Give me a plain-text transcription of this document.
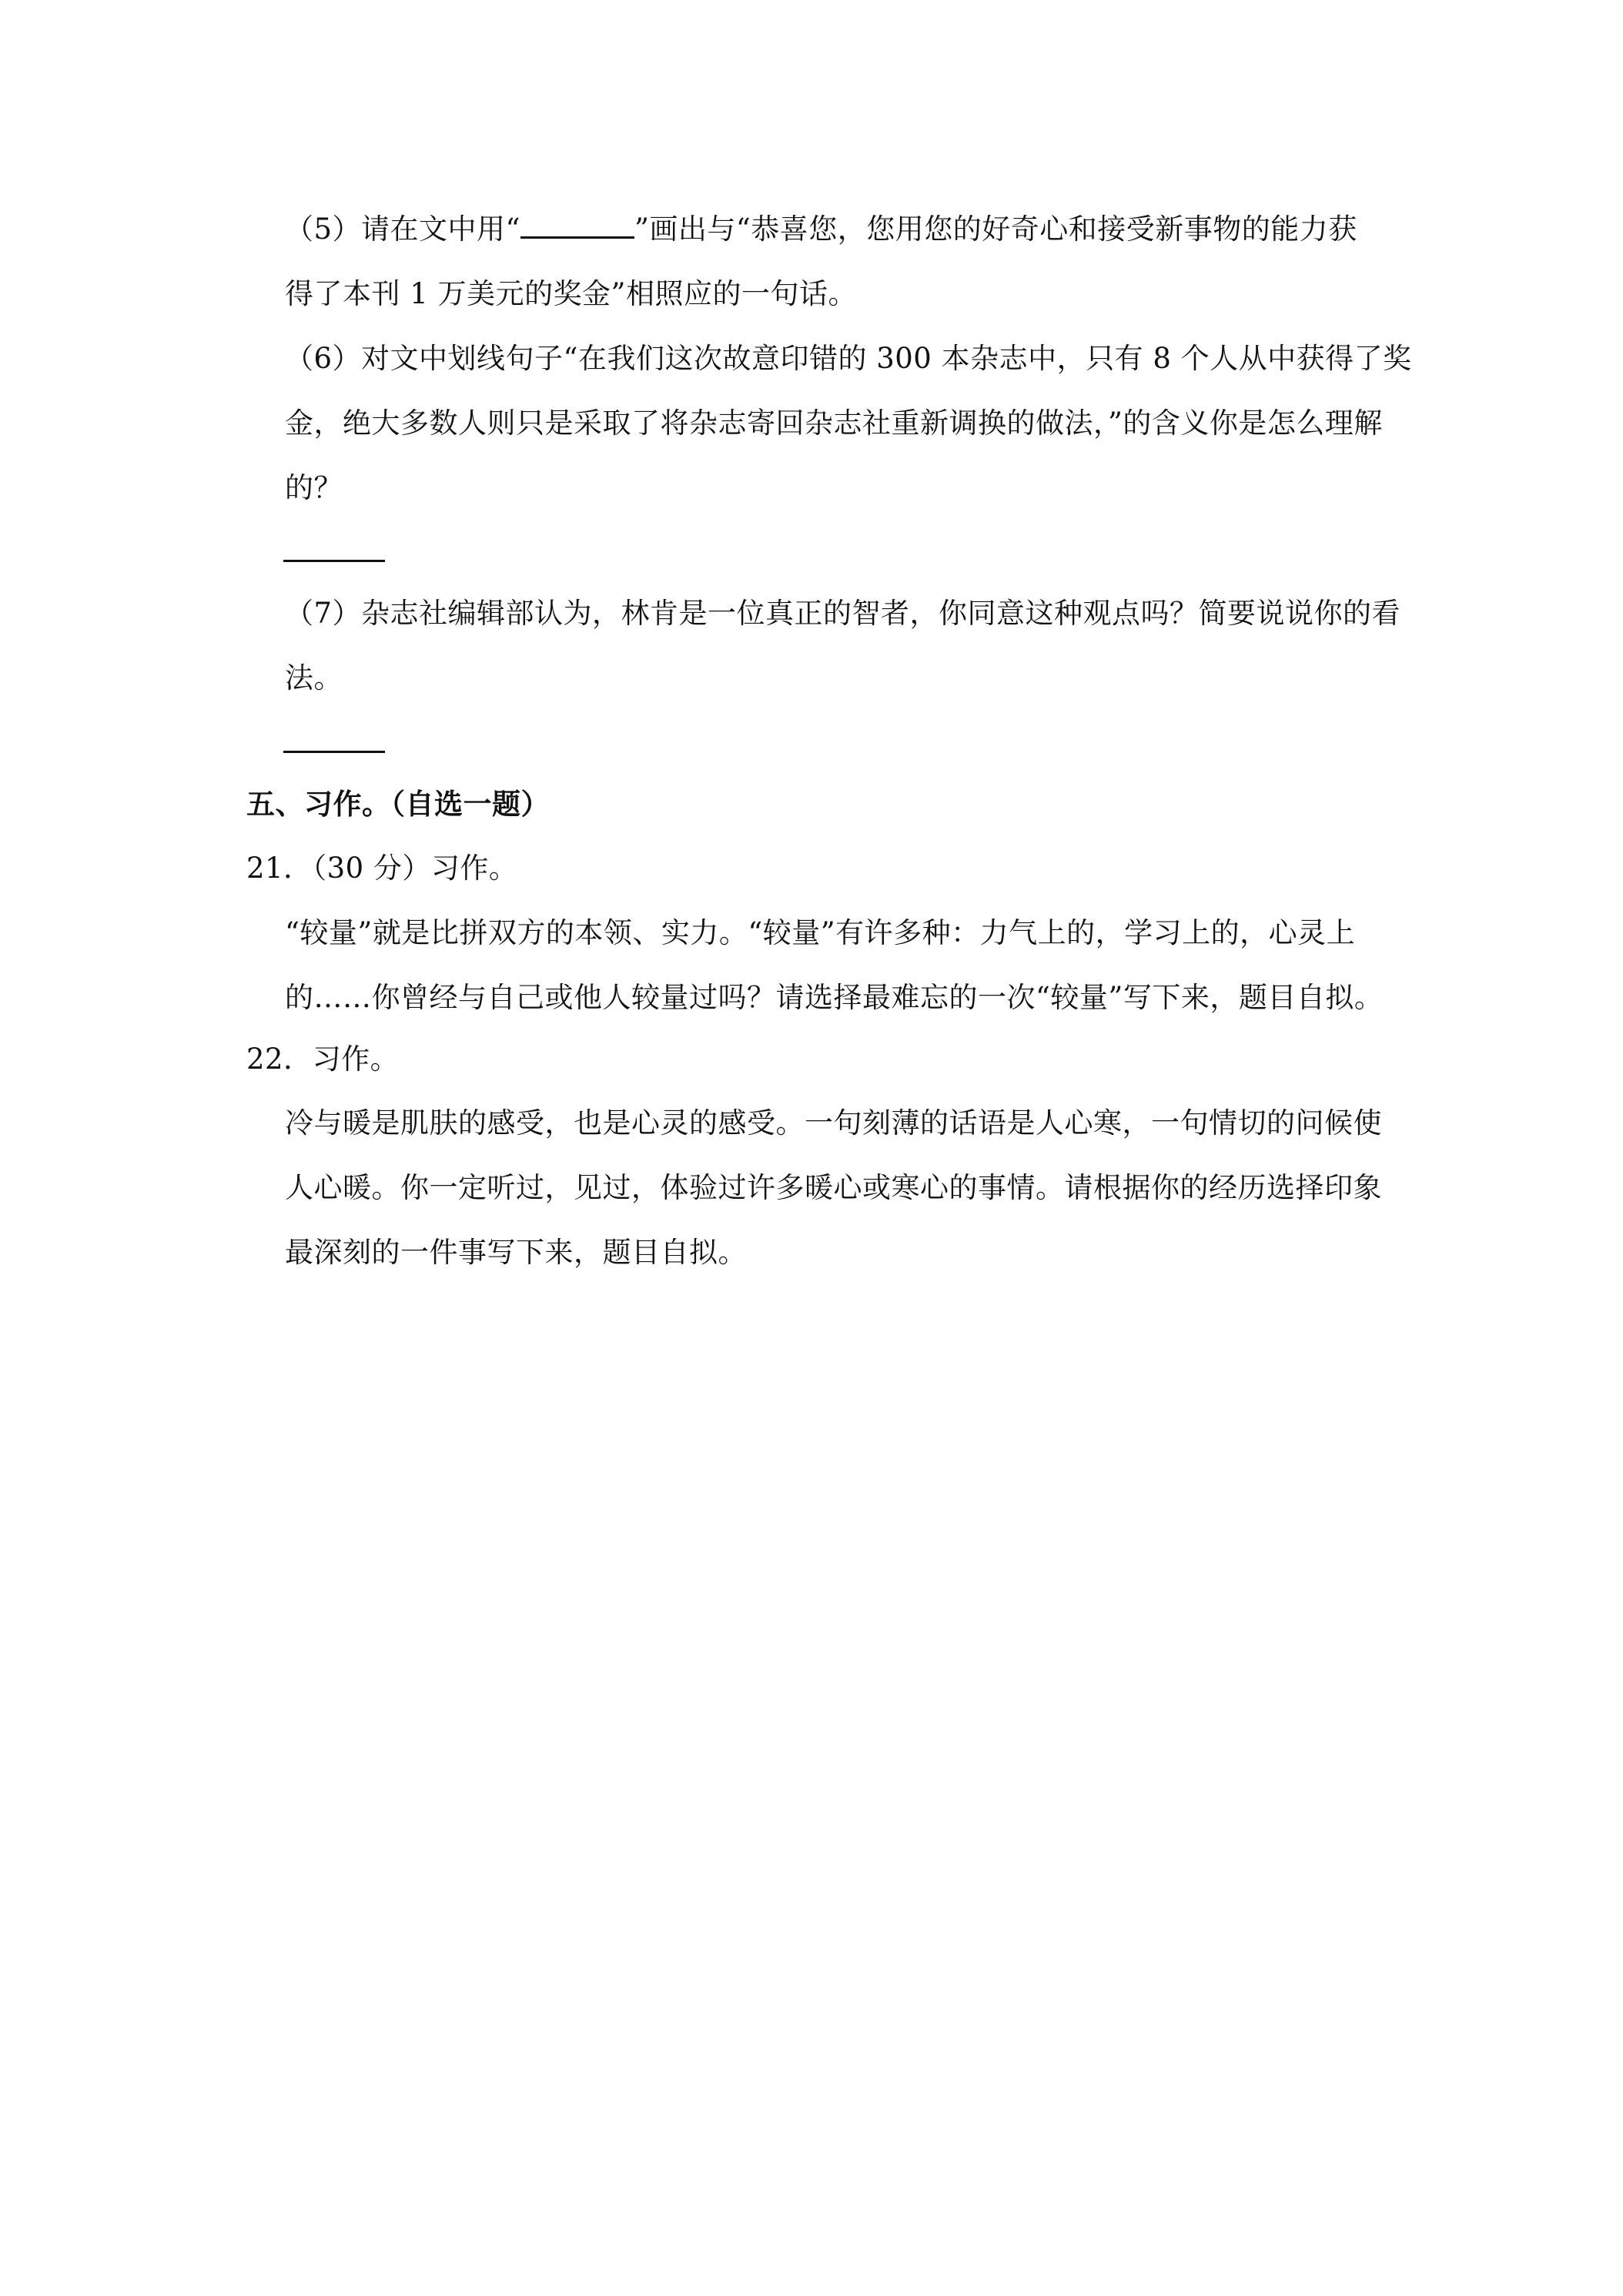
（5）请在文中用“	”画出与“恭喜您，您用您的好奇心和接受新事物的能力获
得了本刊 1 万美元的奖金”相照应的一句话。
（6）对文中划线句子“在我们这次故意印错的 300 本杂志中，只有 8 个人从中获得了奖
金，绝大多数人则只是采取了将杂志寄回杂志社重新调换的做法，”的含义你是怎么理解
的？
（7）杂志社编辑部认为，林肯是一位真正的智者，你同意这种观点吗？简要说说你的看
法。
五、习作。（自选一题）
21．（30 分）习作。
“较量”就是比拼双方的本领、实力。“较量”有许多种：力气上的，学习上的，心灵上
的……你曾经与自己或他人较量过吗？请选择最难忘的一次“较量”写下来，题目自拟。
22．习作。
冷与暖是肌肤的感受，也是心灵的感受。一句刻薄的话语是人心寒，一句情切的问候使
人心暖。你一定听过，见过，体验过许多暖心或寒心的事情。请根据你的经历选择印象
最深刻的一件事写下来，题目自拟。
